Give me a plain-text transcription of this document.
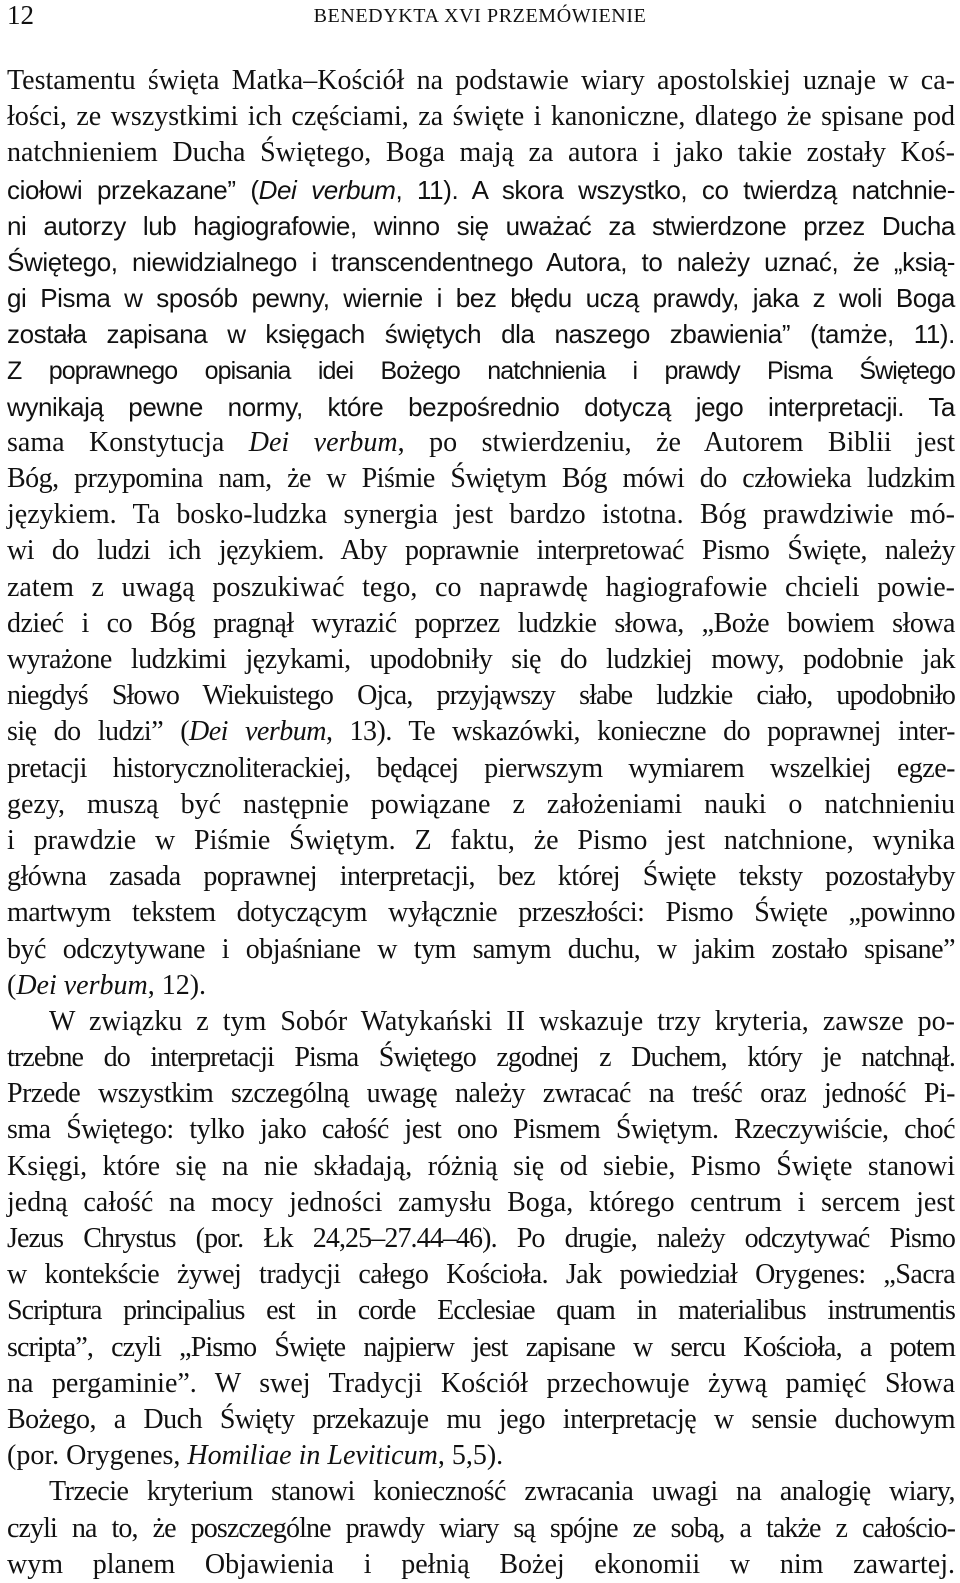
12	BENEDYKTA XVI PRZEMÓWIENIE
Testamentu święta Matka–Kościół na podstawie wiary apostolskiej uznaje w ca-
łości, ze wszystkimi ich częściami, za święte i kanoniczne, dlatego że spisane pod
natchnieniem Ducha Świętego, Boga mają za autora i jako takie zostały Koś-
ciołowi przekazane” (Dei verbum, 11). A skora wszystko, co twierdzą natchnie-
ni autorzy lub hagiografowie, winno się uważać za stwierdzone przez Ducha
Świętego, niewidzialnego i transcendentnego Autora, to należy uznać, że „ksią-
gi Pisma w sposób pewny, wiernie i bez błędu uczą prawdy, jaka z woli Boga
została zapisana w księgach świętych dla naszego zbawienia” (tamże, 11).
Z poprawnego opisania idei Bożego natchnienia i prawdy Pisma Świętego
wynikają pewne normy, które bezpośrednio dotyczą jego interpretacji. Ta
sama Konstytucja Dei verbum, po stwierdzeniu, że Autorem Biblii jest
Bóg, przypomina nam, że w Piśmie Świętym Bóg mówi do człowieka ludzkim
językiem. Ta bosko-ludzka synergia jest bardzo istotna. Bóg prawdziwie mó-
wi do ludzi ich językiem. Aby poprawnie interpretować Pismo Święte, należy
zatem z uwagą poszukiwać tego, co naprawdę hagiografowie chcieli powie-
dzieć i co Bóg pragnął wyrazić poprzez ludzkie słowa, „Boże bowiem słowa
wyrażone ludzkimi językami, upodobniły się do ludzkiej mowy, podobnie jak
niegdyś Słowo Wiekuistego Ojca, przyjąwszy słabe ludzkie ciało, upodobniło
się do ludzi” (Dei verbum, 13). Te wskazówki, konieczne do poprawnej inter-
pretacji historycznoliterackiej, będącej pierwszym wymiarem wszelkiej egze-
gezy, muszą być następnie powiązane z założeniami nauki o natchnieniu
i prawdzie w Piśmie Świętym. Z faktu, że Pismo jest natchnione, wynika
główna zasada poprawnej interpretacji, bez której Święte teksty pozostałyby
martwym tekstem dotyczącym wyłącznie przeszłości: Pismo Święte „powinno
być odczytywane i objaśniane w tym samym duchu, w jakim zostało spisane”
(Dei verbum, 12).
W związku z tym Sobór Watykański II wskazuje trzy kryteria, zawsze po-
trzebne do interpretacji Pisma Świętego zgodnej z Duchem, który je natchnął.
Przede wszystkim szczególną uwagę należy zwracać na treść oraz jedność Pi-
sma Świętego: tylko jako całość jest ono Pismem Świętym. Rzeczywiście, choć
Księgi, które się na nie składają, różnią się od siebie, Pismo Święte stanowi
jedną całość na mocy jedności zamysłu Boga, którego centrum i sercem jest
Jezus Chrystus (por. Łk 24,25–27.44–46). Po drugie, należy odczytywać Pismo
w kontekście żywej tradycji całego Kościoła. Jak powiedział Orygenes: „Sacra
Scriptura principalius est in corde Ecclesiae quam in materialibus instrumentis
scripta”, czyli „Pismo Święte najpierw jest zapisane w sercu Kościoła, a potem
na pergaminie”. W swej Tradycji Kościół przechowuje żywą pamięć Słowa
Bożego, a Duch Święty przekazuje mu jego interpretację w sensie duchowym
(por. Orygenes, Homiliae in Leviticum, 5,5).
Trzecie kryterium stanowi konieczność zwracania uwagi na analogię wiary,
czyli na to, że poszczególne prawdy wiary są spójne ze sobą, a także z całościo-
wym planem Objawienia i pełnią Bożej ekonomii w nim zawartej.
